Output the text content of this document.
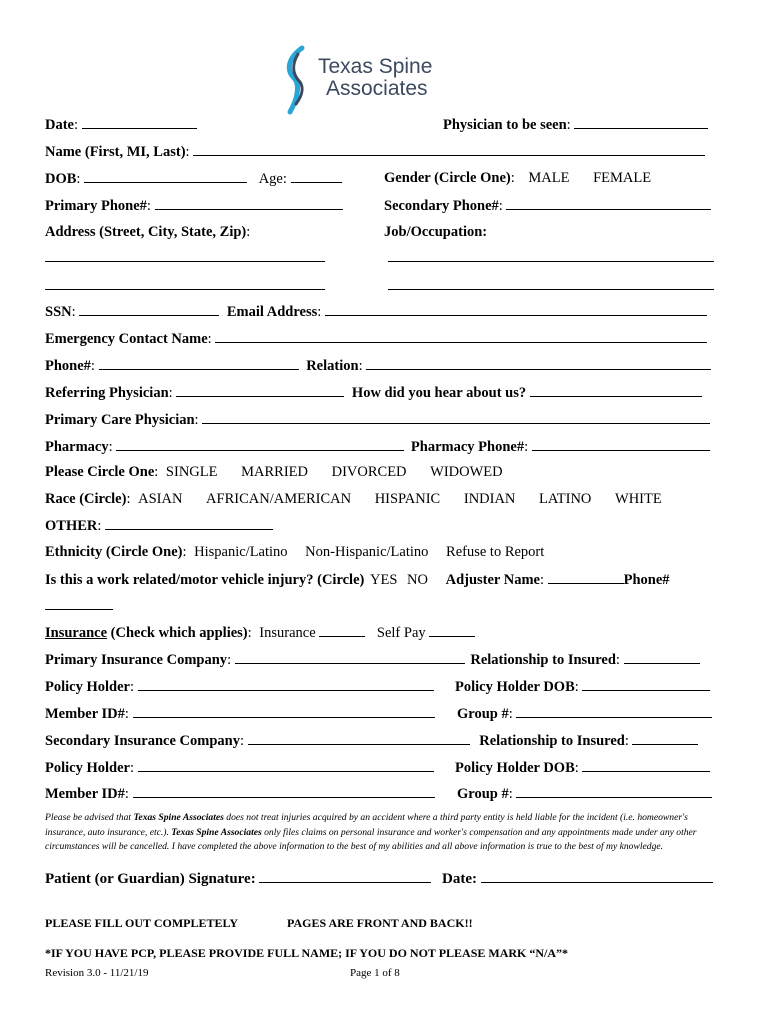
Texas Spine
Associates
Date:	Physician to be seen:
Name (First, MI, Last):
DOB:	Age:	Gender (Circle One): MALE FEMALE
Primary Phone#:	Secondary Phone#:
Address (Street, City, State, Zip):	Job/Occupation:
SSN:	Email Address:
Emergency Contact Name:
Phone#:	Relation:
Referring Physician:	How did you hear about us?
Primary Care Physician:
Pharmacy:	Pharmacy Phone#:
Please Circle One: SINGLE MARRIED DIVORCED WIDOWED
Race (Circle): ASIAN AFRICAN/AMERICAN HISPANIC INDIAN LATINO WHITE
OTHER:
Ethnicity (Circle One): Hispanic/Latino Non-Hispanic/Latino Refuse to Report
Is this a work related/motor vehicle injury? (Circle) YES NO Adjuster Name:	Phone#
Insurance (Check which applies): Insurance	Self Pay
Primary Insurance Company:	Relationship to Insured:
Policy Holder:	Policy Holder DOB:
Member ID#:	Group #:
Secondary Insurance Company:	Relationship to Insured:
Policy Holder:	Policy Holder DOB:
Member ID#:	Group #:
Please be advised that Texas Spine Associates does not treat injuries acquired by an accident where a third party entity is held liable for the incident (i.e. homeowner's insurance, auto insurance, etc.). Texas Spine Associates only files claims on personal insurance and worker's compensation and any appointments made under any other circumstances will be cancelled. I have completed the above information to the best of my abilities and all above information is true to the best of my knowledge.
Patient (or Guardian) Signature:	Date:
PLEASE FILL OUT COMPLETELY	PAGES ARE FRONT AND BACK!!
*IF YOU HAVE PCP, PLEASE PROVIDE FULL NAME; IF YOU DO NOT PLEASE MARK “N/A”*
Revision 3.0 - 11/21/19	Page 1 of 8
